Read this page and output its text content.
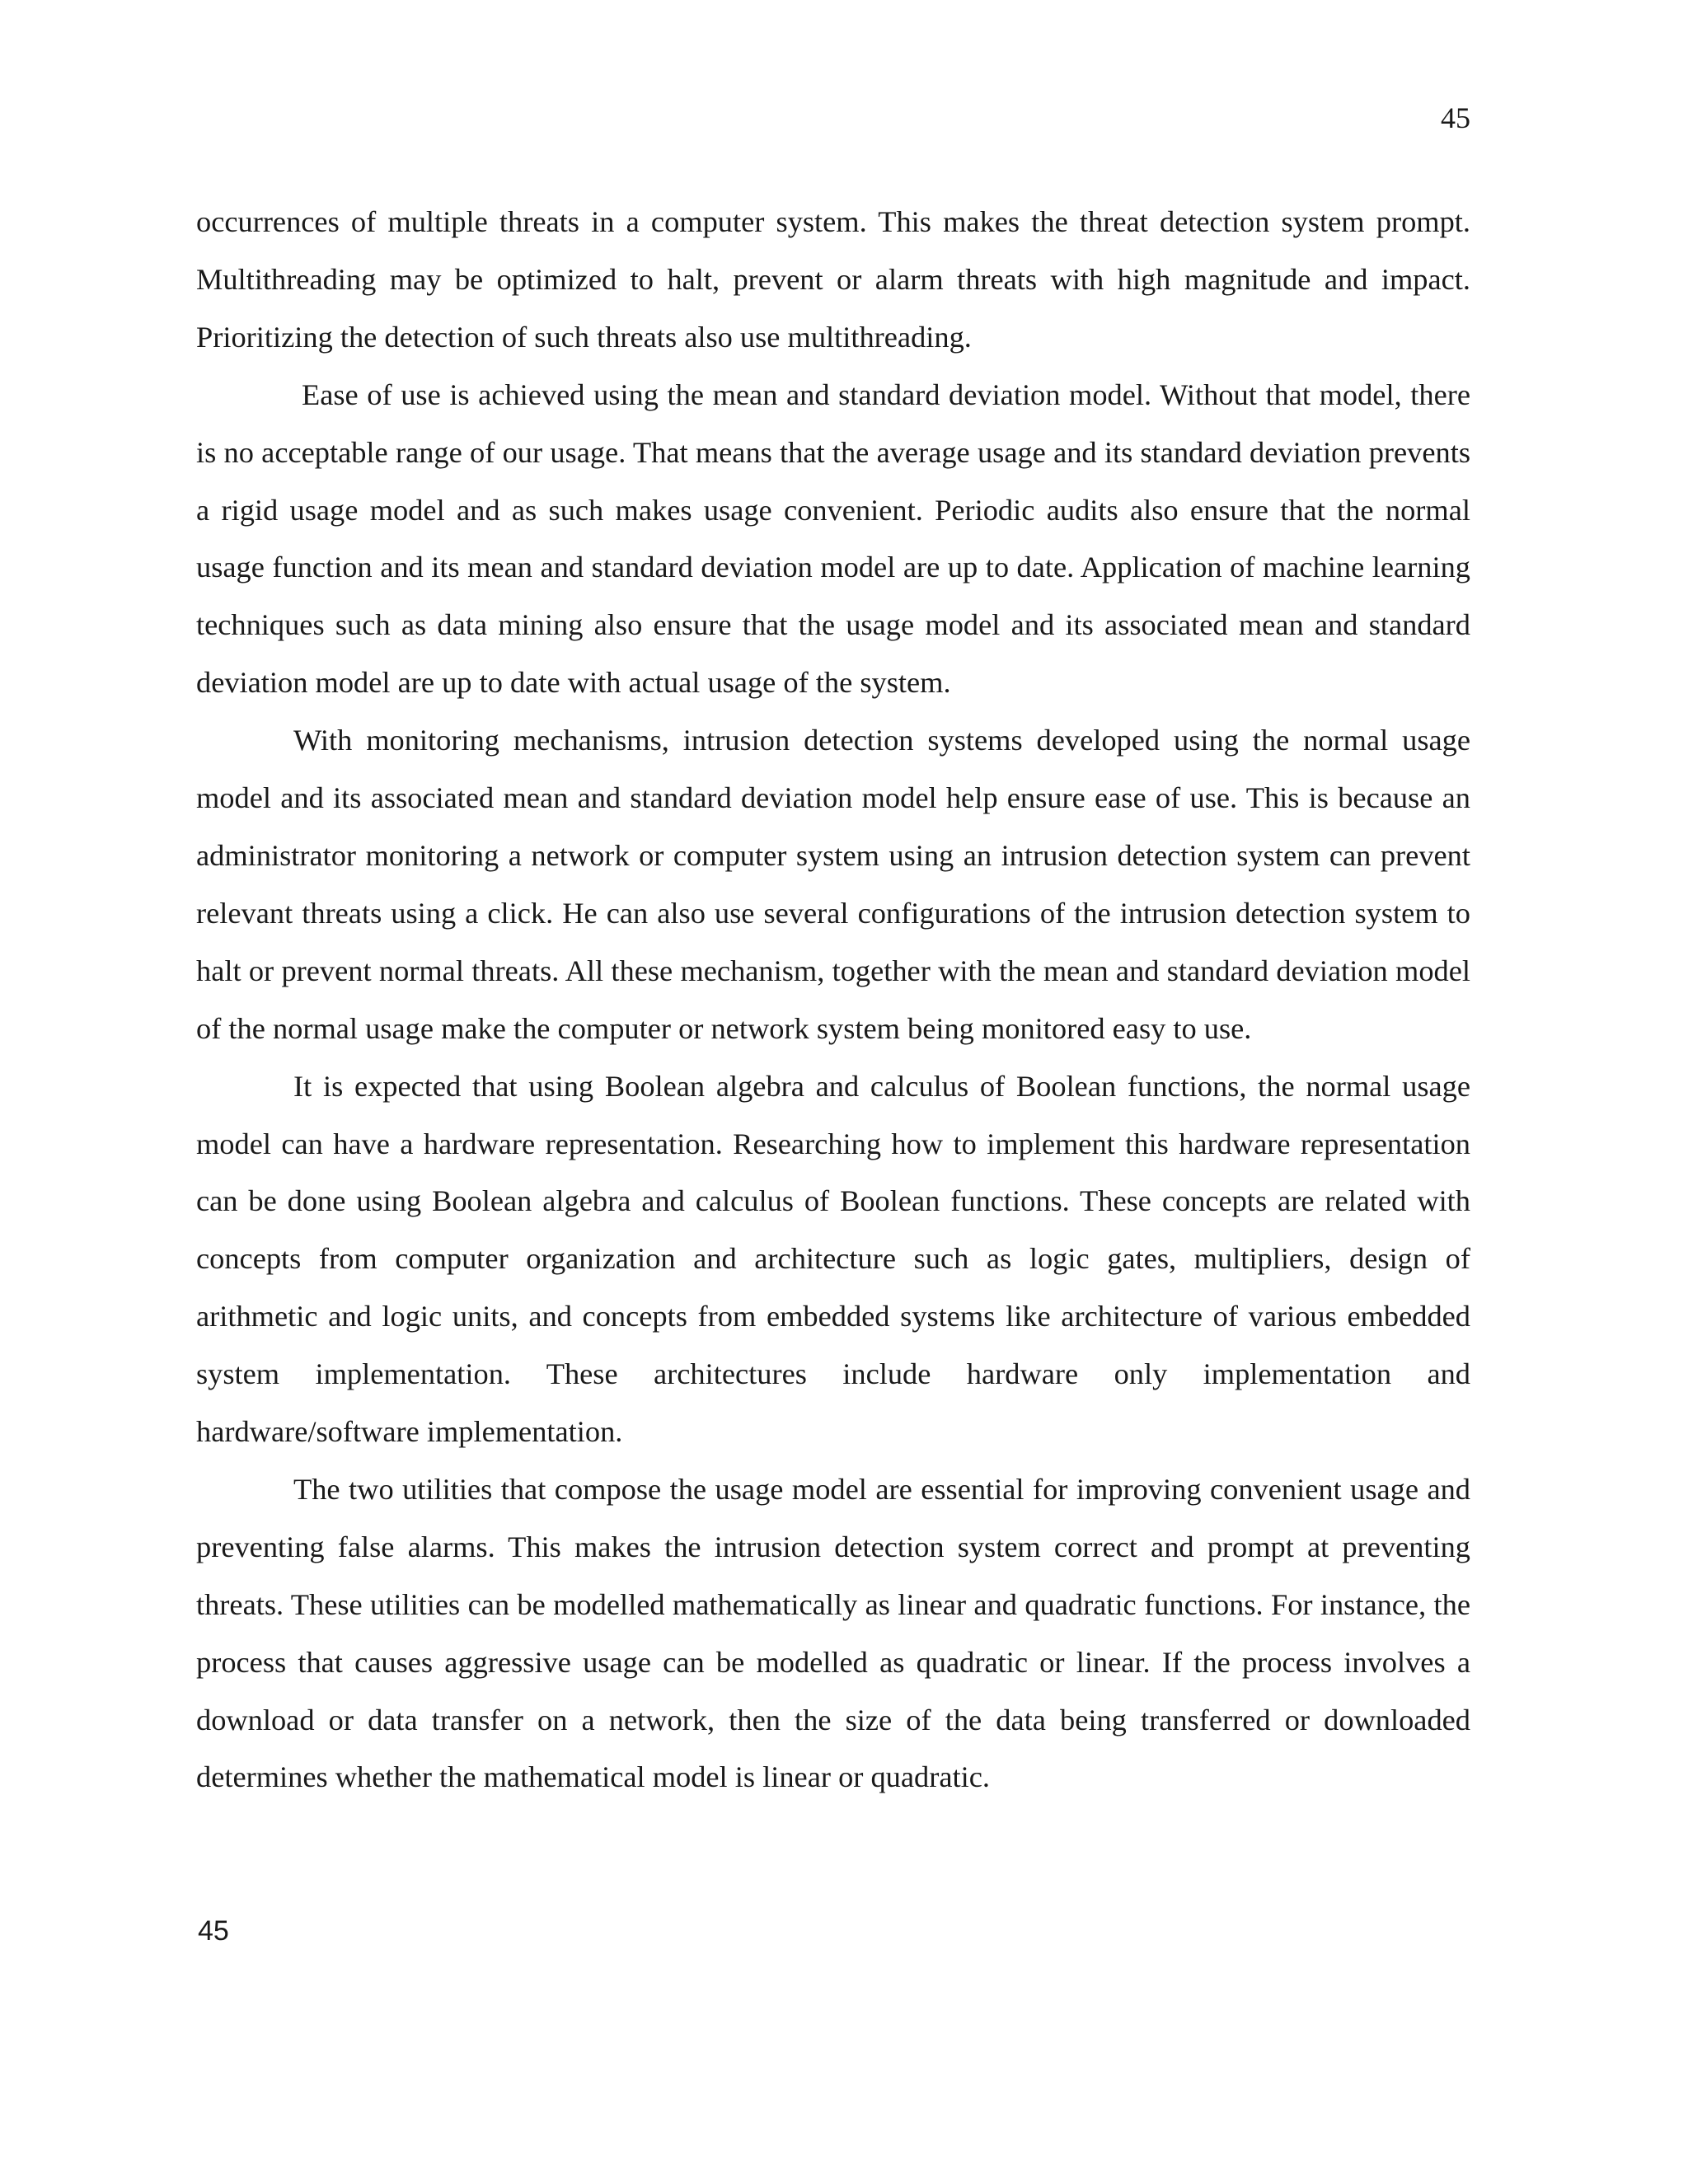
45

occurrences of multiple threats in a computer system. This makes the threat detection system prompt. Multithreading may be optimized to halt, prevent or alarm threats with high magnitude and impact. Prioritizing the detection of such threats also use multithreading.

Ease of use is achieved using the mean and standard deviation model. Without that model, there is no acceptable range of our usage. That means that the average usage and its standard deviation prevents a rigid usage model and as such makes usage convenient. Periodic audits also ensure that the normal usage function and its mean and standard deviation model are up to date. Application of machine learning techniques such as data mining also ensure that the usage model and its associated mean and standard deviation model are up to date with actual usage of the system.

With monitoring mechanisms, intrusion detection systems developed using the normal usage model and its associated mean and standard deviation model help ensure ease of use. This is because an administrator monitoring a network or computer system using an intrusion detection system can prevent relevant threats using a click. He can also use several configurations of the intrusion detection system to halt or prevent normal threats. All these mechanism, together with the mean and standard deviation model of the normal usage make the computer or network system being monitored easy to use.

It is expected that using Boolean algebra and calculus of Boolean functions, the normal usage model can have a hardware representation. Researching how to implement this hardware representation can be done using Boolean algebra and calculus of Boolean functions. These concepts are related with concepts from computer organization and architecture such as logic gates, multipliers, design of arithmetic and logic units, and concepts from embedded systems like architecture of various embedded system implementation. These architectures include hardware only implementation and hardware/software implementation.

The two utilities that compose the usage model are essential for improving convenient usage and preventing false alarms. This makes the intrusion detection system correct and prompt at preventing threats. These utilities can be modelled mathematically as linear and quadratic functions. For instance, the process that causes aggressive usage can be modelled as quadratic or linear. If the process involves a download or data transfer on a network, then the size of the data being transferred or downloaded determines whether the mathematical model is linear or quadratic.

45
